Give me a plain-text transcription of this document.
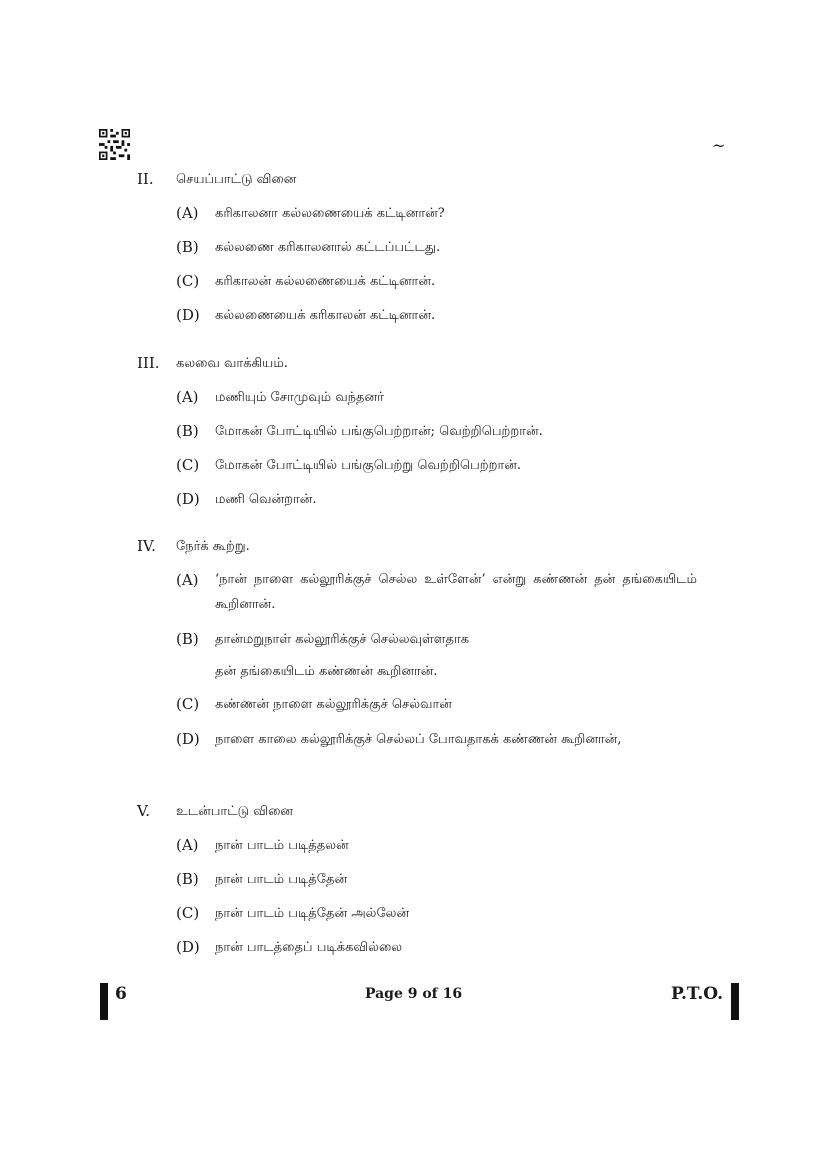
~
II. செயப்பாட்டு வினை
(A) கரிகாலனா கல்லணையைக் கட்டினான்?
(B) கல்லணை கரிகாலனால் கட்டப்பட்டது.
(C) கரிகாலன் கல்லணையைக் கட்டினான்.
(D) கல்லணையைக் கரிகாலன் கட்டினான்.
III. கலவை வாக்கியம்.
(A) மணியும் சோமுவும் வந்தனர்
(B) மோகன் போட்டியில் பங்குபெற்றான்; வெற்றிபெற்றான்.
(C) மோகன் போட்டியில் பங்குபெற்று வெற்றிபெற்றான்.
(D) மணி வென்றான்.
IV. நேர்க் கூற்று.
(A) ‘நான் நாளை கல்லூரிக்குச் செல்ல உள்ளேன்’ என்று கண்ணன் தன் தங்கையிடம் கூறினான்.
(B) தான்மறுநாள் கல்லூரிக்குச் செல்லவுள்ளதாக
தன் தங்கையிடம் கண்ணன் கூறினான்.
(C) கண்ணன் நாளை கல்லூரிக்குச் செல்வான்
(D) நாளை காலை கல்லூரிக்குச் செல்லப் போவதாகக் கண்ணன் கூறினான்,
V. உடன்பாட்டு வினை
(A) நான் பாடம் படித்தலன்
(B) நான் பாடம் படித்தேன்
(C) நான் பாடம் படித்தேன் அல்லேன்
(D) நான் பாடத்தைப் படிக்கவில்லை
6	Page 9 of 16	P.T.O.
